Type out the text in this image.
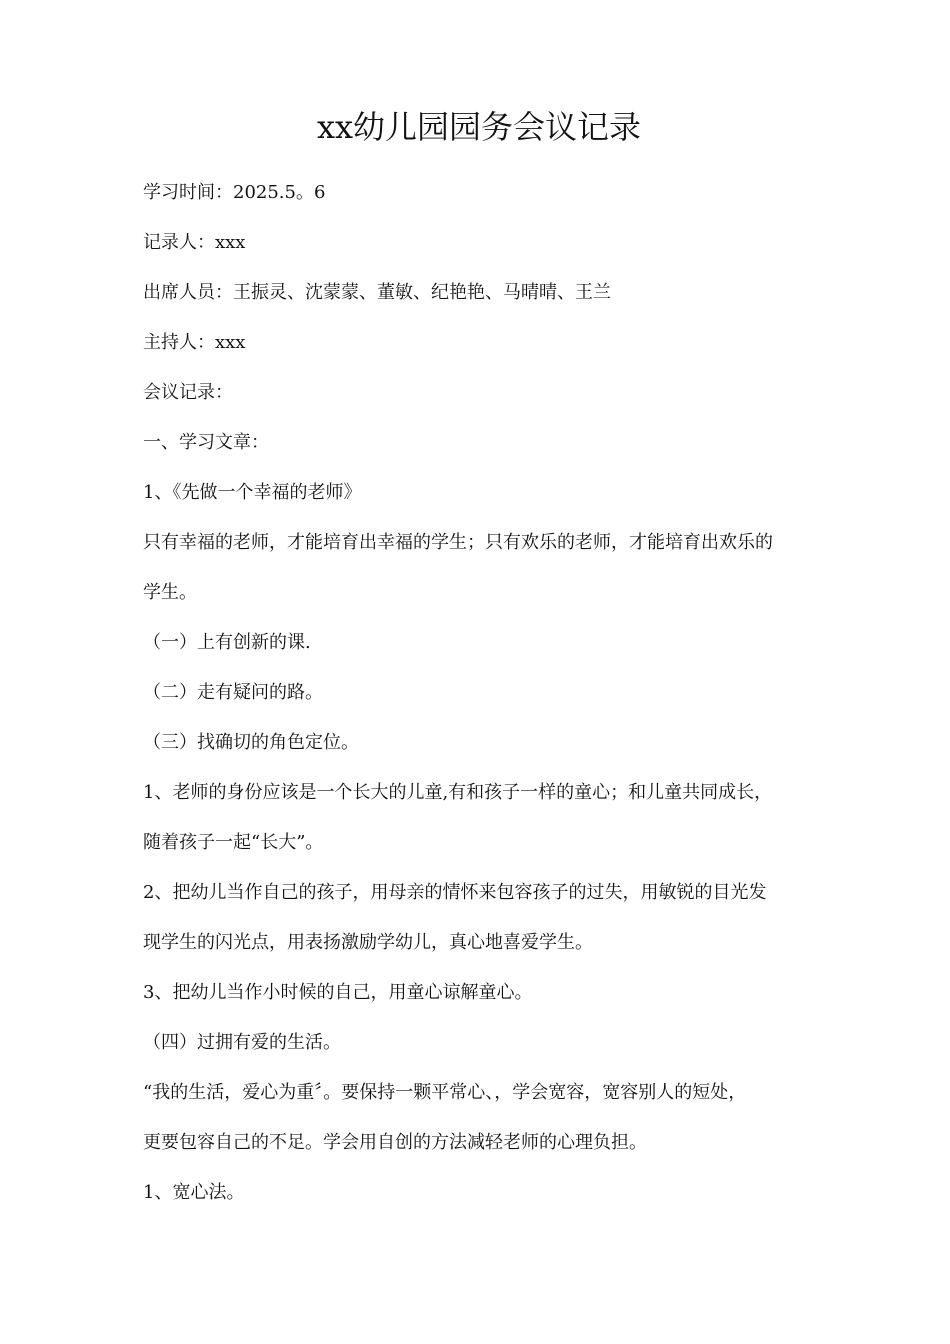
xx幼儿园园务会议记录

学习时间：2025.5。6

记录人：xxx

出席人员：王振灵、沈蒙蒙、董敏、纪艳艳、马晴晴、王兰

主持人：xxx

会议记录：

一、学习文章：

1、《先做一个幸福的老师》

只有幸福的老师，才能培育出幸福的学生；只有欢乐的老师，才能培育出欢乐的

学生。

（一）上有创新的课.

（二）走有疑问的路。

（三）找确切的角色定位。

1、老师的身份应该是一个长大的儿童,有和孩子一样的童心；和儿童共同成长，

随着孩子一起“长大”。

2、把幼儿当作自己的孩子，用母亲的情怀来包容孩子的过失，用敏锐的目光发

现学生的闪光点，用表扬激励学幼儿，真心地喜爱学生。

3、把幼儿当作小时候的自己，用童心谅解童心。

（四）过拥有爱的生活。

“我的生活，爱心为重〞。要保持一颗平常心、，学会宽容，宽容别人的短处，

更要包容自己的不足。学会用自创的方法减轻老师的心理负担。

1、宽心法。
